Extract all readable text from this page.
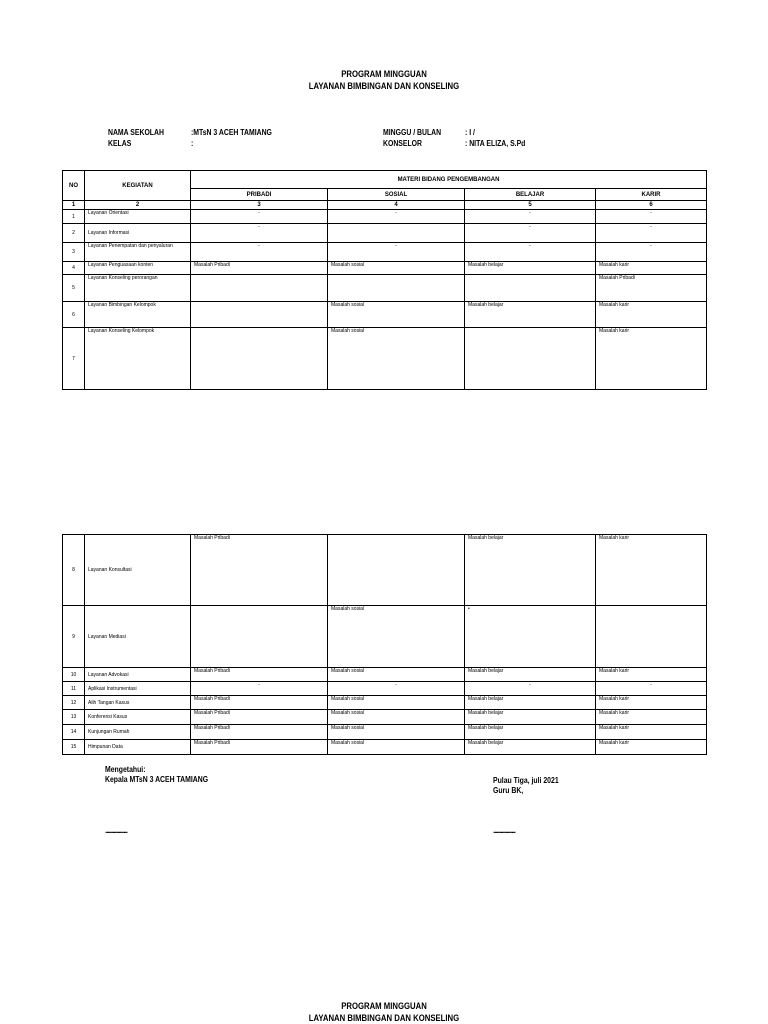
PROGRAM MINGGUAN
LAYANAN BIMBINGAN DAN KONSELING
NAMA SEKOLAH	:MTsN 3 ACEH TAMIANG
KELAS	:
MINGGU / BULAN	: I /
KONSELOR	: NITA ELIZA, S.Pd
NO	KEGIATAN	MATERI BIDANG PENGEMBANGAN			
		PRIBADI	SOSIAL	BELAJAR	KARIR
1	2	3	4	5	6
1	Layanan Orientasi	-	-	-	-
2	Layanan Informasi	-		-	-
3	Layanan Penempatan dan penyaluran	-	-	-	-
4	Layanan Penguasaan konten	Masalah Pribadi	Masalah sosial	Masalah belajar	Masalah karir
5	Layanan Konseling perorangan				Masalah Pribadi
6	Layanan Bimbingan Kelompok		Masalah sosial	Masalah belajar	Masalah karir
7	Layanan Konseling Kelompok		Masalah sosial		Masalah karir
8	Layanan Konsultasi	Masalah Pribadi		Masalah belajar	Masalah karir
9	Layanan Mediasi		Masalah sosial	•	
10	Layanan Advokasi	Masalah Pribadi	Masalah sosial	Masalah belajar	Masalah karir
11	Aplikasi Instrumentasi	-	-	-	-
12	Alih Tangan Kasus	Masalah Pribadi	Masalah sosial	Masalah belajar	Masalah karir
13	Konferensi Kasus	Masalah Pribadi	Masalah sosial	Masalah belajar	Masalah karir
14	Kunjungan Rumah	Masalah Pribadi	Masalah sosial	Masalah belajar	Masalah karir
15	Himpunan Data	Masalah Pribadi	Masalah sosial	Masalah belajar	Masalah karir
Mengetahui:
Kepala MTsN 3 ACEH TAMIANG	Pulau Tiga, juli 2021
Guru BK,
..................	..................
PROGRAM MINGGUAN
LAYANAN BIMBINGAN DAN KONSELING
